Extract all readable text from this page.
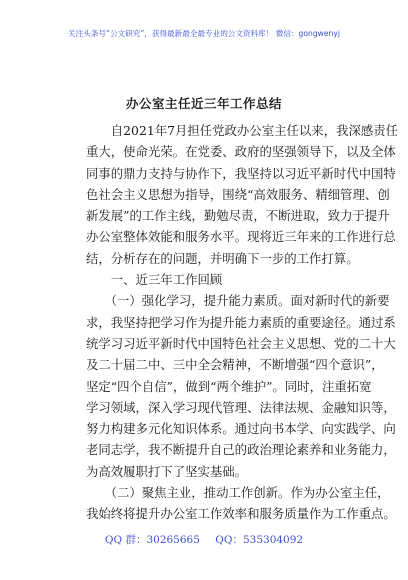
关注头条号“公文研究”，获得最新最全最专业的公文资料库！ 微信：gongwenyj
办公室主任近三年工作总结
　　自2021年7月担任党政办公室主任以来，我深感责任
重大，使命光荣。在党委、政府的坚强领导下，以及全体
同事的鼎力支持与协作下，我坚持以习近平新时代中国特
色社会主义思想为指导，围绕“高效服务、精细管理、创
新发展”的工作主线，勤勉尽责，不断进取，致力于提升
办公室整体效能和服务水平。现将近三年来的工作进行总
结，分析存在的问题，并明确下一步的工作打算。
　　一、近三年工作回顾
　　（一）强化学习，提升能力素质。面对新时代的新要
求，我坚持把学习作为提升能力素质的重要途径。通过系
统学习习近平新时代中国特色社会主义思想、党的二十大
及二十届二中、三中全会精神，不断增强“四个意识”，
坚定“四个自信”，做到“两个维护”。同时，注重拓宽
学习领域，深入学习现代管理、法律法规、金融知识等，
努力构建多元化知识体系。通过向书本学、向实践学、向
老同志学，我不断提升自己的政治理论素养和业务能力，
为高效履职打下了坚实基础。
　　（二）聚焦主业，推动工作创新。作为办公室主任，
我始终将提升办公室工作效率和服务质量作为工作重点。
QQ 群：30265665 QQ：535304092
